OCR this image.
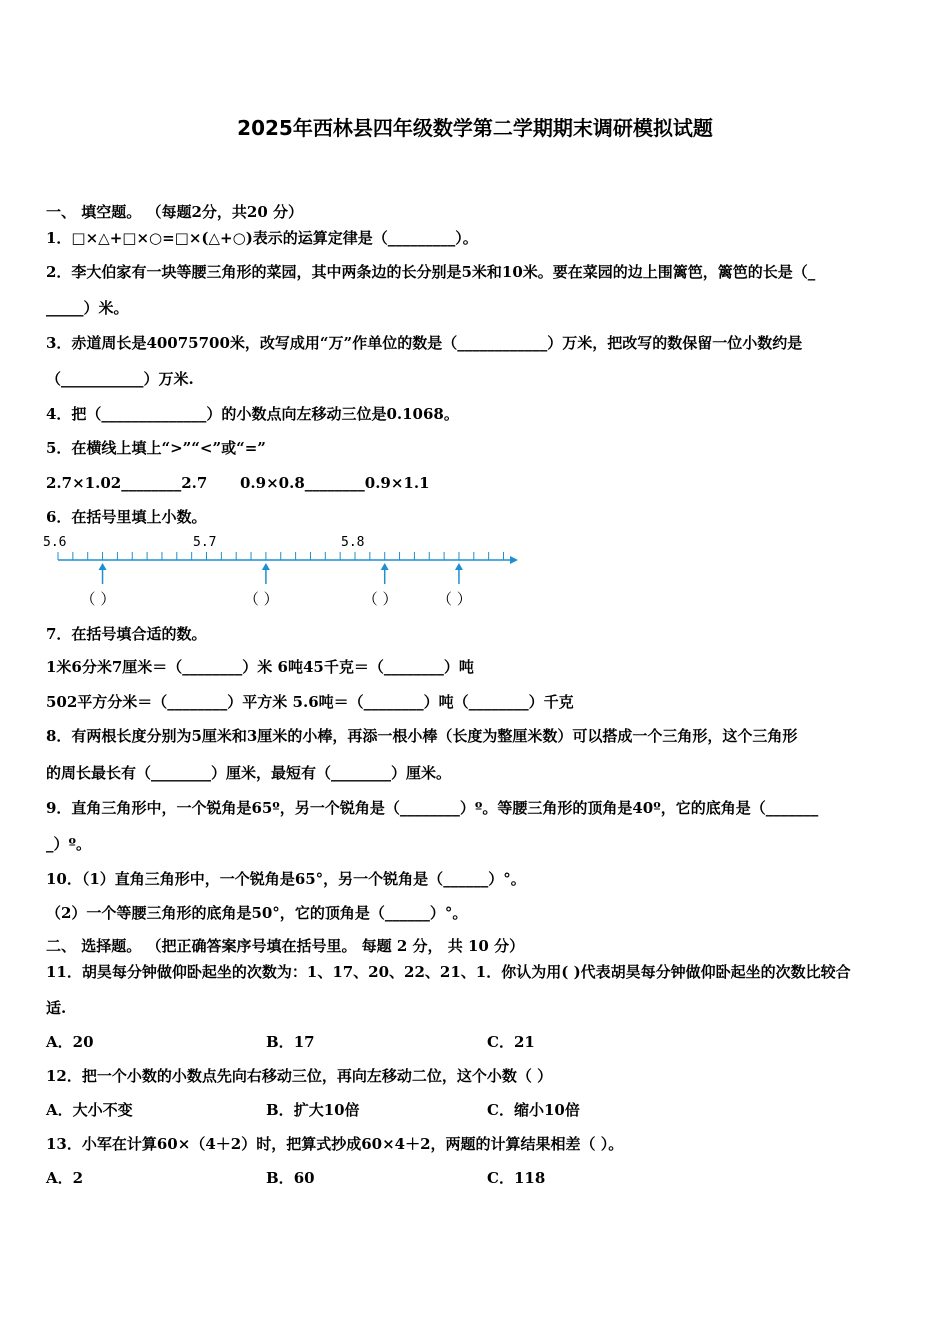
2025年西林县四年级数学第二学期期末调研模拟试题
一、 填空题。 （每题2分，共20 分）
1．□×△+□×○=□×(△+○)表示的运算定律是（_________）。
2．李大伯家有一块等腰三角形的菜园，其中两条边的长分别是5米和10米。要在菜园的边上围篱笆，篱笆的长是（_
_____）米。
3．赤道周长是40075700米，改写成用“万”作单位的数是（____________）万米，把改写的数保留一位小数约是
（___________）万米.
4．把（______________）的小数点向左移动三位是0.1068。
5．在横线上填上“>”“<”或“=”
2.7×1.02________2.7 0.9×0.8________0.9×1.1
6．在括号里填上小数。
5.6	5.7	5.8
（ ）	（ ）	（ ）	（ ）
7．在括号填合适的数。
1米6分米7厘米＝（________）米 6吨45千克＝（________）吨
502平方分米＝（________）平方米 5.6吨＝（________）吨（________）千克
8．有两根长度分别为5厘米和3厘米的小棒，再添一根小棒（长度为整厘米数）可以搭成一个三角形，这个三角形
的周长最长有（________）厘米，最短有（________）厘米。
9．直角三角形中，一个锐角是65º，另一个锐角是（________）º。等腰三角形的顶角是40º，它的底角是（_______
_）º。
10．（1）直角三角形中，一个锐角是65°，另一个锐角是（______）°。
（2）一个等腰三角形的底角是50°，它的顶角是（______）°。
二、 选择题。 （把正确答案序号填在括号里。 每题 2 分， 共 10 分）
11．胡昊每分钟做仰卧起坐的次数为：1、17、20、22、21、1．你认为用( )代表胡昊每分钟做仰卧起坐的次数比较合
适.
A．20	B．17	C．21
12．把一个小数的小数点先向右移动三位，再向左移动二位，这个小数（ ）
A．大小不变	B．扩大10倍	C．缩小10倍
13．小军在计算60×（4＋2）时，把算式抄成60×4＋2，两题的计算结果相差（ ）。
A．2	B．60	C．118
